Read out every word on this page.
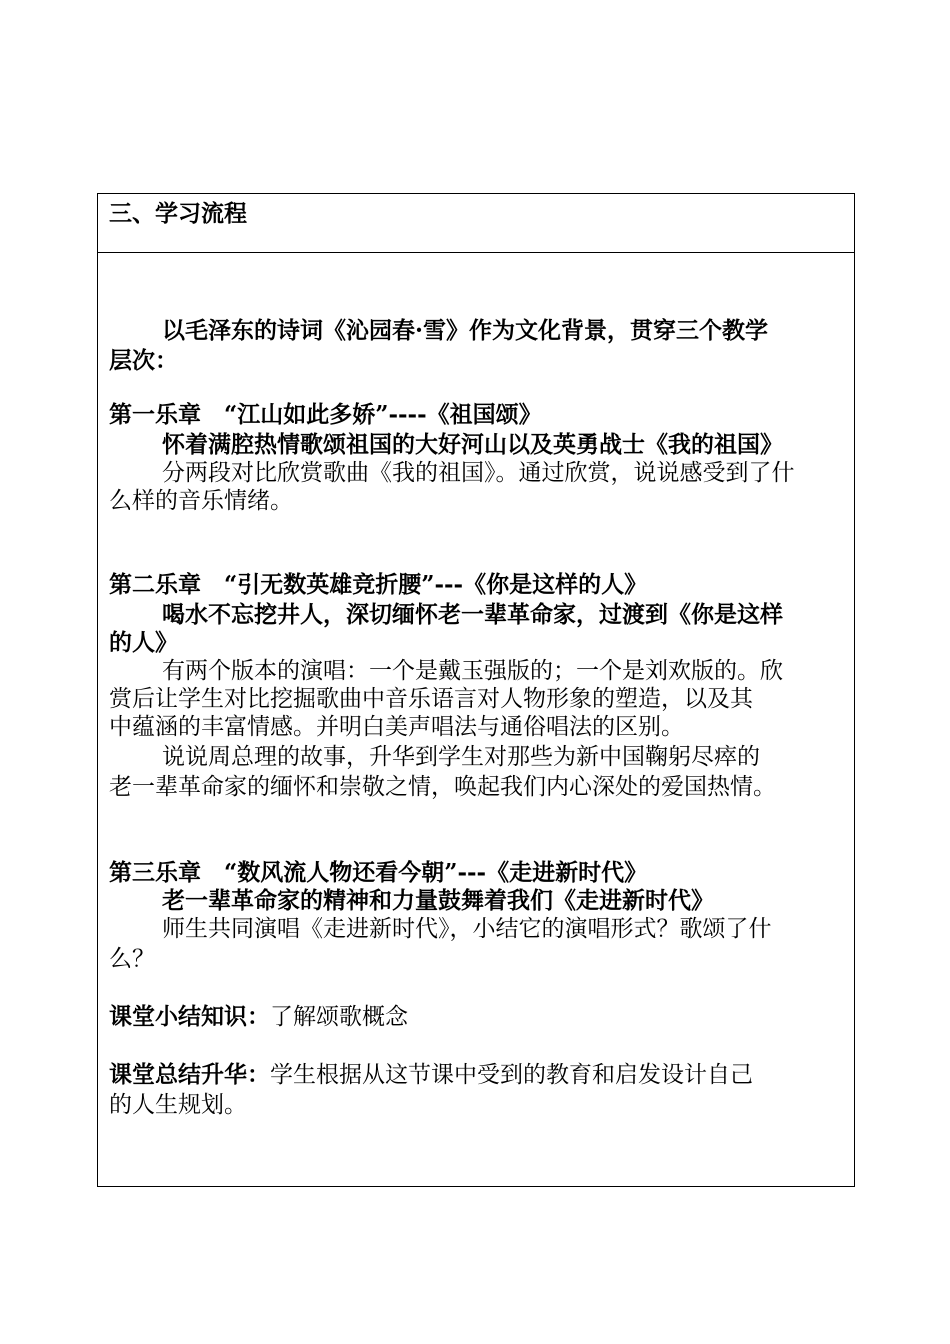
三、学习流程
以毛泽东的诗词《沁园春·雪》作为文化背景，贯穿三个教学
层次：
第一乐章　“江山如此多娇”----《祖国颂》
怀着满腔热情歌颂祖国的大好河山以及英勇战士《我的祖国》
分两段对比欣赏歌曲《我的祖国》。通过欣赏，说说感受到了什
么样的音乐情绪。
第二乐章　“引无数英雄竞折腰”---《你是这样的人》
喝水不忘挖井人，深切缅怀老一辈革命家，过渡到《你是这样
的人》
有两个版本的演唱：一个是戴玉强版的；一个是刘欢版的。欣
赏后让学生对比挖掘歌曲中音乐语言对人物形象的塑造，以及其
中蕴涵的丰富情感。并明白美声唱法与通俗唱法的区别。
说说周总理的故事，升华到学生对那些为新中国鞠躬尽瘁的
老一辈革命家的缅怀和崇敬之情，唤起我们内心深处的爱国热情。
第三乐章　“数风流人物还看今朝”---《走进新时代》
老一辈革命家的精神和力量鼓舞着我们《走进新时代》
师生共同演唱《走进新时代》，小结它的演唱形式？歌颂了什
么？
课堂小结知识：了解颂歌概念
课堂总结升华：学生根据从这节课中受到的教育和启发设计自己
的人生规划。
